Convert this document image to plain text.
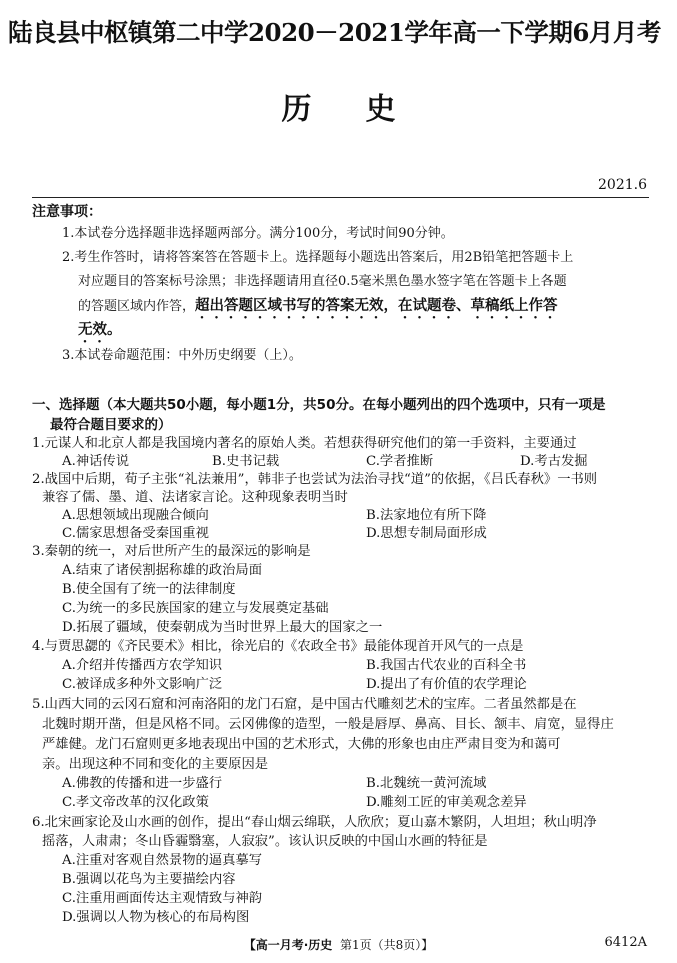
陆良县中枢镇第二中学2020－2021学年高一下学期6月月考
历史
2021.6
注意事项：
1.本试卷分选择题非选择题两部分。满分100分，考试时间90分钟。
2.考生作答时，请将答案答在答题卡上。选择题每小题选出答案后，用2B铅笔把答题卡上
对应题目的答案标号涂黑；非选择题请用直径0.5毫米黑色墨水签字笔在答题卡上各题
的答题区域内作答，超出答题区域书写的答案无效，在试题卷、草稿纸上作答
无效。
3.本试卷命题范围：中外历史纲要（上）。
一、选择题（本大题共50小题，每小题1分，共50分。在每小题列出的四个选项中，只有一项是
最符合题目要求的）
1.元谋人和北京人都是我国境内著名的原始人类。若想获得研究他们的第一手资料，主要通过
A.神话传说	B.史书记载	C.学者推断	D.考古发掘
2.战国中后期，荀子主张“礼法兼用”，韩非子也尝试为法治寻找“道”的依据，《吕氏春秋》一书则
兼容了儒、墨、道、法诸家言论。这种现象表明当时
A.思想领域出现融合倾向	B.法家地位有所下降
C.儒家思想备受秦国重视	D.思想专制局面形成
3.秦朝的统一，对后世所产生的最深远的影响是
A.结束了诸侯割据称雄的政治局面
B.使全国有了统一的法律制度
C.为统一的多民族国家的建立与发展奠定基础
D.拓展了疆域，使秦朝成为当时世界上最大的国家之一
4.与贾思勰的《齐民要术》相比，徐光启的《农政全书》最能体现首开风气的一点是
A.介绍并传播西方农学知识	B.我国古代农业的百科全书
C.被译成多种外文影响广泛	D.提出了有价值的农学理论
5.山西大同的云冈石窟和河南洛阳的龙门石窟，是中国古代雕刻艺术的宝库。二者虽然都是在
北魏时期开凿，但是风格不同。云冈佛像的造型，一般是唇厚、鼻高、目长、颔丰、肩宽，显得庄
严雄健。龙门石窟则更多地表现出中国的艺术形式，大佛的形象也由庄严肃目变为和蔼可
亲。出现这种不同和变化的主要原因是
A.佛教的传播和进一步盛行	B.北魏统一黄河流域
C.孝文帝改革的汉化政策	D.雕刻工匠的审美观念差异
6.北宋画家论及山水画的创作，提出“春山烟云绵联，人欣欣；夏山嘉木繁阴，人坦坦；秋山明净
摇落，人肃肃；冬山昏霾翳塞，人寂寂”。该认识反映的中国山水画的特征是
A.注重对客观自然景物的逼真摹写
B.强调以花鸟为主要描绘内容
C.注重用画面传达主观情致与神韵
D.强调以人物为核心的布局构图
【高一月考·历史 第1页（共8页）】	6412A
